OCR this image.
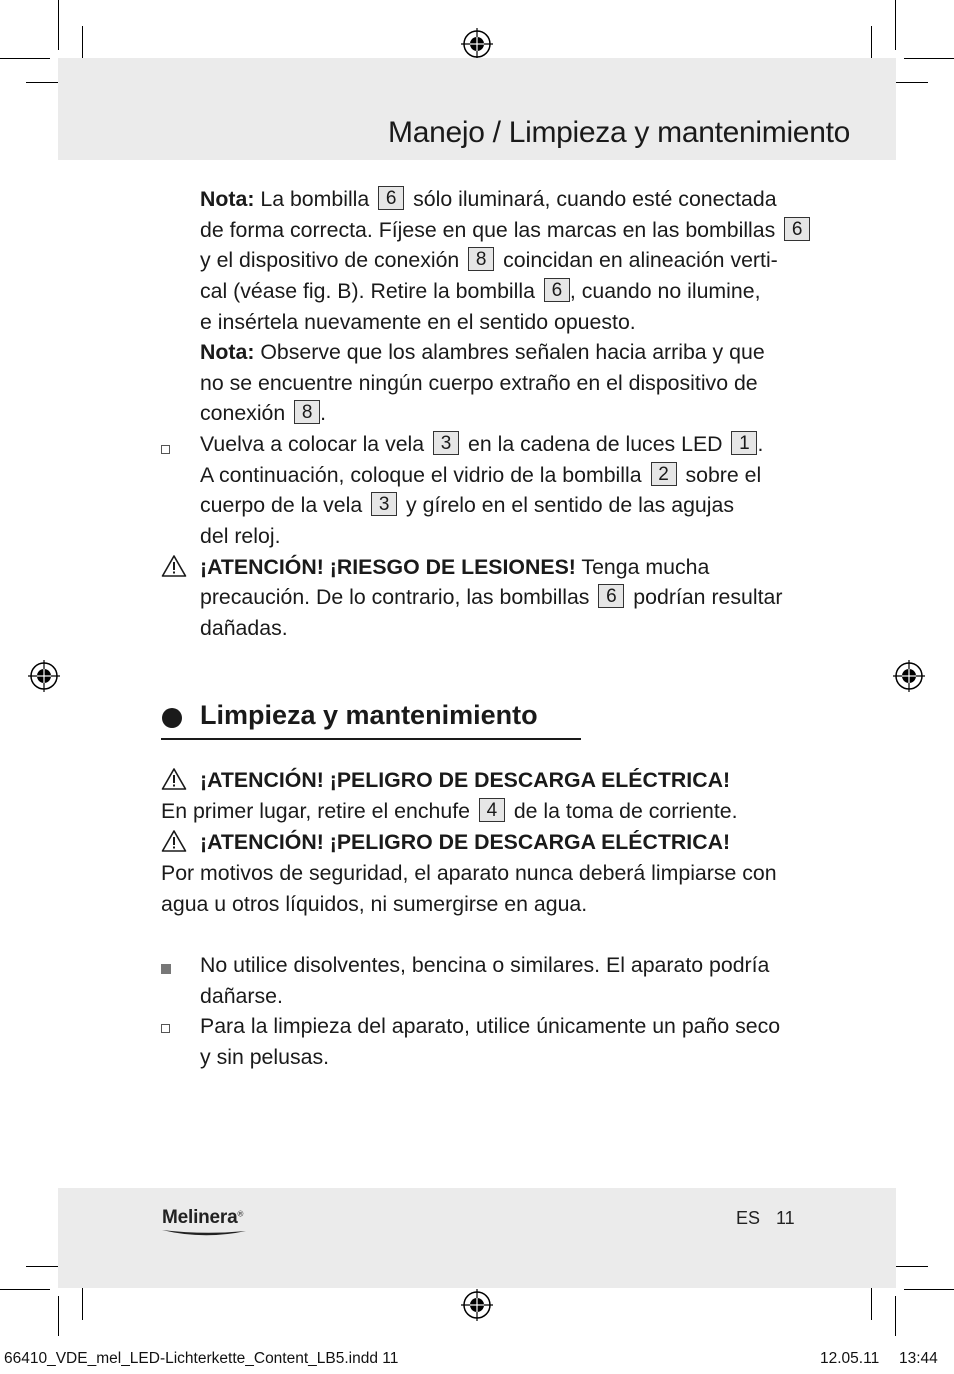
Manejo / Limpieza y mantenimiento
Nota: La bombilla 6 sólo iluminará, cuando esté conectada
de forma correcta. Fíjese en que las marcas en las bombillas 6
y el dispositivo de conexión 8 coincidan en alineación verti-
cal (véase fig. B). Retire la bombilla 6 , cuando no ilumine,
e insértela nuevamente en el sentido opuesto.
Nota: Observe que los alambres señalen hacia arriba y que
no se encuentre ningún cuerpo extraño en el dispositivo de
conexión 8 .
Vuelva a colocar la vela 3 en la cadena de luces LED 1 .
A continuación, coloque el vidrio de la bombilla 2 sobre el
cuerpo de la vela 3 y gírelo en el sentido de las agujas
del reloj.
¡ATENCIÓN! ¡RIESGO DE LESIONES! Tenga mucha
precaución. De lo contrario, las bombillas 6 podrían resultar
dañadas.
Limpieza y mantenimiento
¡ATENCIÓN! ¡PELIGRO DE DESCARGA ELÉCTRICA!
En primer lugar, retire el enchufe 4 de la toma de corriente.
¡ATENCIÓN! ¡PELIGRO DE DESCARGA ELÉCTRICA!
Por motivos de seguridad, el aparato nunca deberá limpiarse con
agua u otros líquidos, ni sumergirse en agua.
No utilice disolventes, bencina o similares. El aparato podría
dañarse.
Para la limpieza del aparato, utilice únicamente un paño seco
y sin pelusas.
Melinera®	ES 11
66410_VDE_mel_LED-Lichterkette_Content_LB5.indd 11	12.05.11 13:44
